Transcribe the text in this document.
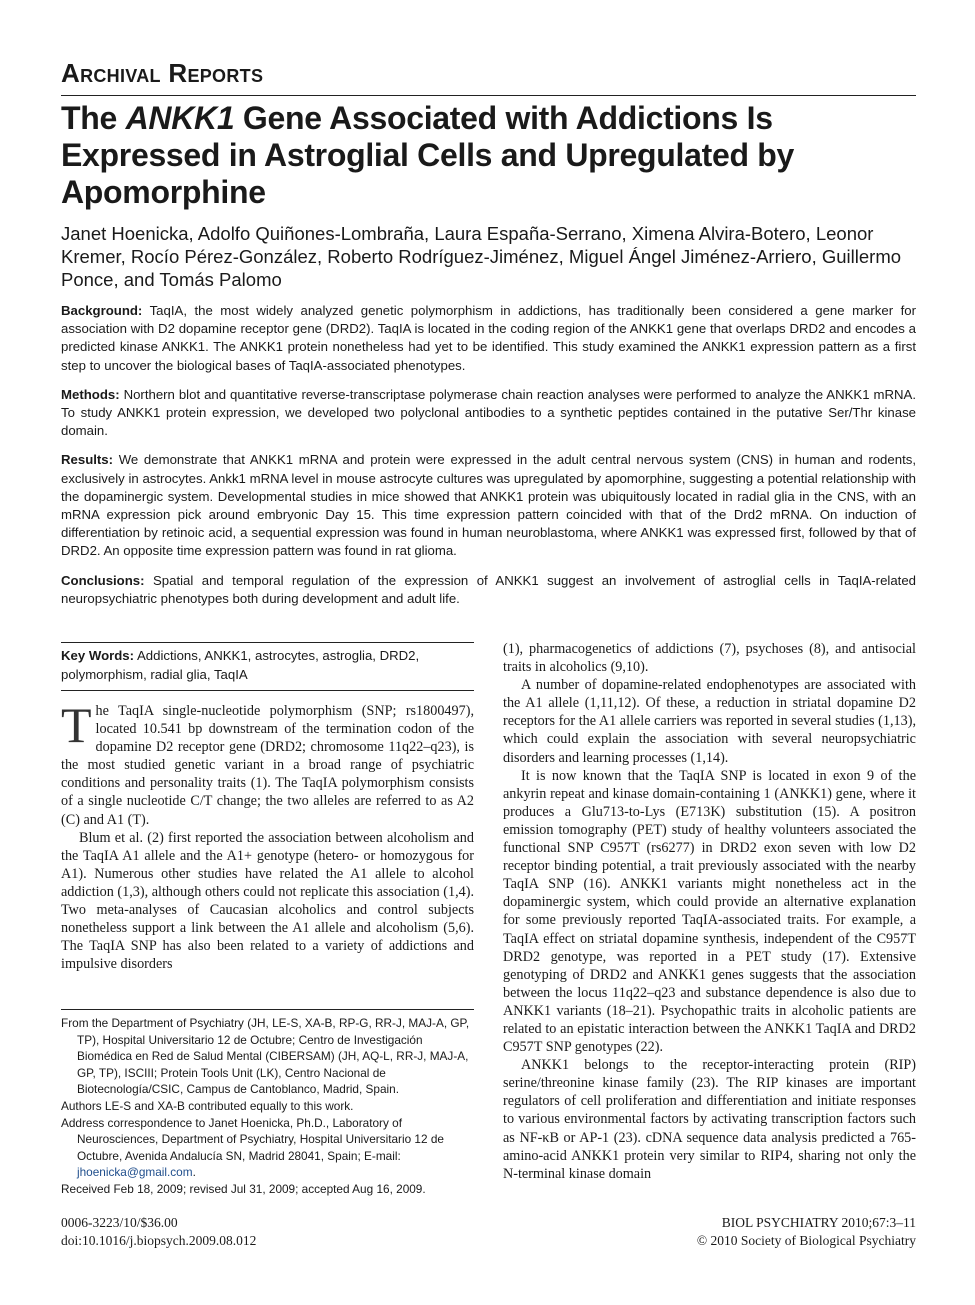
Archival Reports
The ANKK1 Gene Associated with Addictions Is Expressed in Astroglial Cells and Upregulated by Apomorphine
Janet Hoenicka, Adolfo Quiñones-Lombraña, Laura España-Serrano, Ximena Alvira-Botero, Leonor Kremer, Rocío Pérez-González, Roberto Rodríguez-Jiménez, Miguel Ángel Jiménez-Arriero, Guillermo Ponce, and Tomás Palomo

Background: TaqIA, the most widely analyzed genetic polymorphism in addictions, has traditionally been considered a gene marker for association with D2 dopamine receptor gene (DRD2). TaqIA is located in the coding region of the ANKK1 gene that overlaps DRD2 and encodes a predicted kinase ANKK1. The ANKK1 protein nonetheless had yet to be identified. This study examined the ANKK1 expression pattern as a first step to uncover the biological bases of TaqIA-associated phenotypes.

Methods: Northern blot and quantitative reverse-transcriptase polymerase chain reaction analyses were performed to analyze the ANKK1 mRNA. To study ANKK1 protein expression, we developed two polyclonal antibodies to a synthetic peptides contained in the putative Ser/Thr kinase domain.

Results: We demonstrate that ANKK1 mRNA and protein were expressed in the adult central nervous system (CNS) in human and rodents, exclusively in astrocytes. Ankk1 mRNA level in mouse astrocyte cultures was upregulated by apomorphine, suggesting a potential relationship with the dopaminergic system. Developmental studies in mice showed that ANKK1 protein was ubiquitously located in radial glia in the CNS, with an mRNA expression pick around embryonic Day 15. This time expression pattern coincided with that of the Drd2 mRNA. On induction of differentiation by retinoic acid, a sequential expression was found in human neuroblastoma, where ANKK1 was expressed first, followed by that of DRD2. An opposite time expression pattern was found in rat glioma.

Conclusions: Spatial and temporal regulation of the expression of ANKK1 suggest an involvement of astroglial cells in TaqIA-related neuropsychiatric phenotypes both during development and adult life.

Key Words: Addictions, ANKK1, astrocytes, astroglia, DRD2, polymorphism, radial glia, TaqIA

The TaqIA single-nucleotide polymorphism (SNP; rs1800497), located 10.541 bp downstream of the termination codon of the dopamine D2 receptor gene (DRD2; chromosome 11q22–q23), is the most studied genetic variant in a broad range of psychiatric conditions and personality traits (1). The TaqIA polymorphism consists of a single nucleotide C/T change; the two alleles are referred to as A2 (C) and A1 (T).

Blum et al. (2) first reported the association between alcoholism and the TaqIA A1 allele and the A1+ genotype (hetero- or homozygous for A1). Numerous other studies have related the A1 allele to alcohol addiction (1,3), although others could not replicate this association (1,4). Two meta-analyses of Caucasian alcoholics and control subjects nonetheless support a link between the A1 allele and alcoholism (5,6). The TaqIA SNP has also been related to a variety of addictions and impulsive disorders

From the Department of Psychiatry (JH, LE-S, XA-B, RP-G, RR-J, MAJ-A, GP, TP), Hospital Universitario 12 de Octubre; Centro de Investigación Biomédica en Red de Salud Mental (CIBERSAM) (JH, AQ-L, RR-J, MAJ-A, GP, TP), ISCIII; Protein Tools Unit (LK), Centro Nacional de Biotecnología/CSIC, Campus de Cantoblanco, Madrid, Spain.

Authors LE-S and XA-B contributed equally to this work.

Address correspondence to Janet Hoenicka, Ph.D., Laboratory of Neurosciences, Department of Psychiatry, Hospital Universitario 12 de Octubre, Avenida Andalucía SN, Madrid 28041, Spain; E-mail: jhoenicka@gmail.com.

Received Feb 18, 2009; revised Jul 31, 2009; accepted Aug 16, 2009.

(1), pharmacogenetics of addictions (7), psychoses (8), and antisocial traits in alcoholics (9,10).

A number of dopamine-related endophenotypes are associated with the A1 allele (1,11,12). Of these, a reduction in striatal dopamine D2 receptors for the A1 allele carriers was reported in several studies (1,13), which could explain the association with several neuropsychiatric disorders and learning processes (1,14).

It is now known that the TaqIA SNP is located in exon 9 of the ankyrin repeat and kinase domain-containing 1 (ANKK1) gene, where it produces a Glu713-to-Lys (E713K) substitution (15). A positron emission tomography (PET) study of healthy volunteers associated the functional SNP C957T (rs6277) in DRD2 exon seven with low D2 receptor binding potential, a trait previously associated with the nearby TaqIA SNP (16). ANKK1 variants might nonetheless act in the dopaminergic system, which could provide an alternative explanation for some previously reported TaqIA-associated traits. For example, a TaqIA effect on striatal dopamine synthesis, independent of the C957T DRD2 genotype, was reported in a PET study (17). Extensive genotyping of DRD2 and ANKK1 genes suggests that the association between the locus 11q22–q23 and substance dependence is also due to ANKK1 variants (18–21). Psychopathic traits in alcoholic patients are related to an epistatic interaction between the ANKK1 TaqIA and DRD2 C957T SNP genotypes (22).

ANKK1 belongs to the receptor-interacting protein (RIP) serine/threonine kinase family (23). The RIP kinases are important regulators of cell proliferation and differentiation and initiate responses to various environmental factors by activating transcription factors such as NF-κB or AP-1 (23). cDNA sequence data analysis predicted a 765-amino-acid ANKK1 protein very similar to RIP4, sharing not only the N-terminal kinase domain

0006-3223/10/$36.00
doi:10.1016/j.biopsych.2009.08.012
BIOL PSYCHIATRY 2010;67:3–11
© 2010 Society of Biological Psychiatry
